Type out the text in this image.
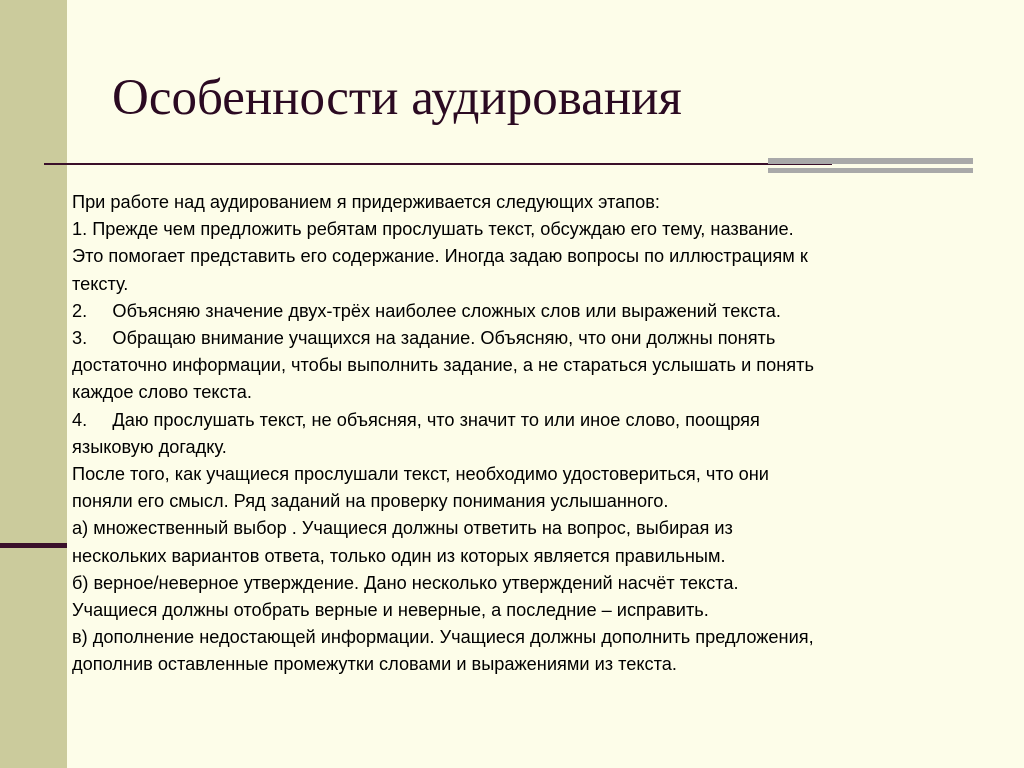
Особенности аудирования
При работе над аудированием я придерживается следующих этапов:
1. Прежде чем предложить ребятам прослушать текст, обсуждаю его тему, название.
Это помогает представить его содержание. Иногда задаю вопросы по иллюстрациям к
тексту.
2.     Объясняю значение двух-трёх наиболее сложных слов или выражений текста.
3.     Обращаю внимание учащихся на задание. Объясняю, что они должны понять
достаточно информации, чтобы выполнить задание, а не стараться услышать и понять
каждое слово текста.
4.     Даю прослушать текст, не объясняя, что значит то или иное слово, поощряя
языковую догадку.
После того, как учащиеся прослушали текст, необходимо удостовериться, что они
поняли его смысл. Ряд заданий на проверку понимания услышанного.
а) множественный выбор . Учащиеся должны ответить на вопрос, выбирая из
нескольких вариантов ответа, только один из которых является правильным.
б) верное/неверное утверждение. Дано несколько утверждений насчёт текста.
Учащиеся должны отобрать верные и неверные, а последние – исправить.
в) дополнение недостающей информации. Учащиеся должны дополнить предложения,
дополнив оставленные промежутки словами и выражениями из текста.
